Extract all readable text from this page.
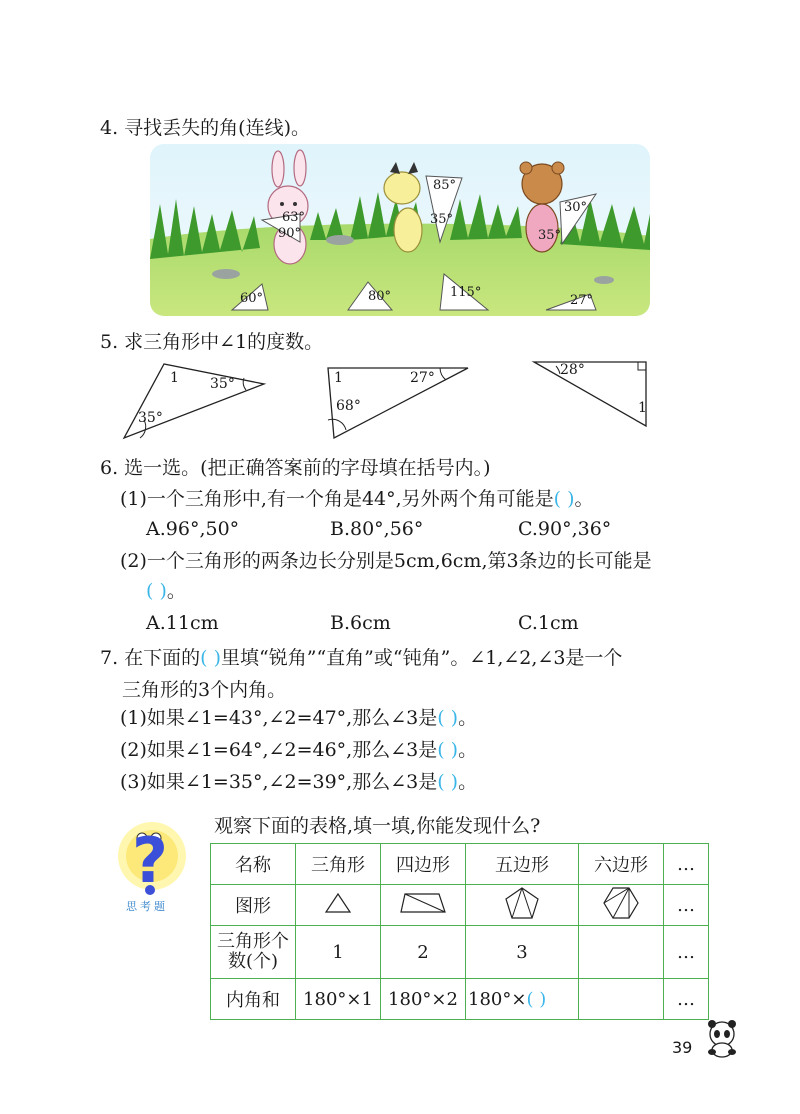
4. 寻找丢失的角(连线)。
63°
90°
85°
35°
30°
35°
60°	80°	115°
27°
5. 求三角形中∠1的度数。
1 35°
35°
1	27°
68°
28°
1
6. 选一选。(把正确答案前的字母填在括号内。)
(1)一个三角形中,有一个角是44°,另外两个角可能是( )。
A.96°,50°	B.80°,56°	C.90°,36°
(2)一个三角形的两条边长分别是5cm,6cm,第3条边的长可能是
( )。
A.11cm	B.6cm	C.1cm
7. 在下面的( )里填“锐角”“直角”或“钝角”。∠1,∠2,∠3是一个
三角形的3个内角。
(1)如果∠1=43°,∠2=47°,那么∠3是( )。
(2)如果∠1=64°,∠2=46°,那么∠3是( )。
(3)如果∠1=35°,∠2=39°,那么∠3是( )。
?
思考题
观察下面的表格,填一填,你能发现什么?
名称	三角形	四边形	五边形	六边形	…
图形					…

三角形个
数(个)	1	2	3		…
内角和	180°×1	180°×2	180°×( )		…
39
